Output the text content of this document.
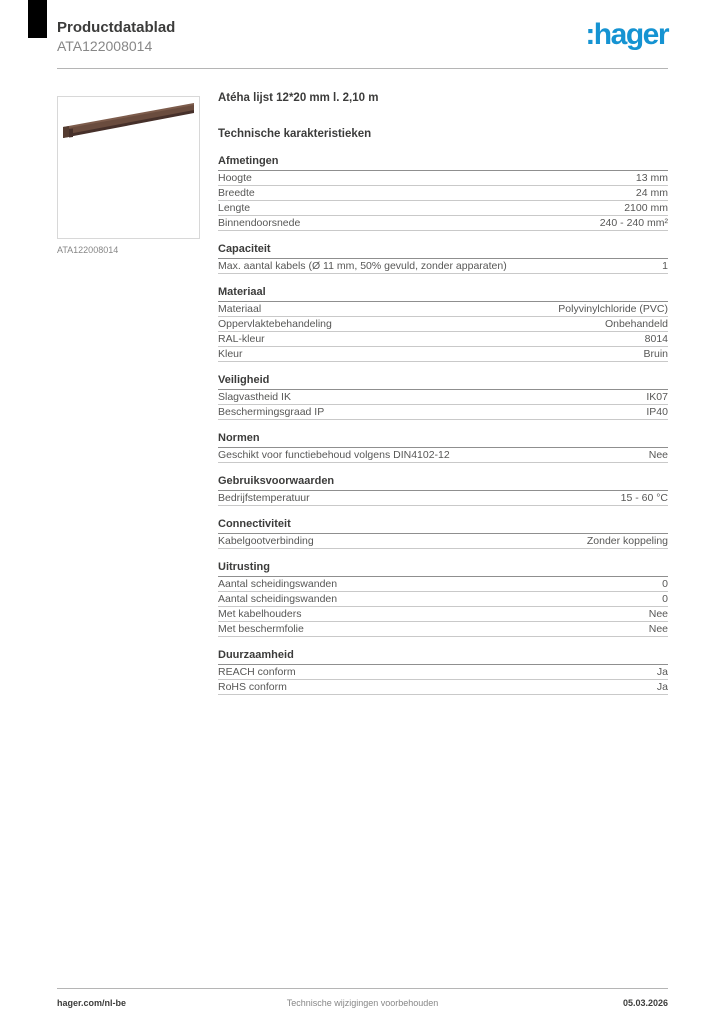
Productdatablad
ATA122008014	:hager
ATA122008014
Atéha lijst 12*20 mm l. 2,10 m
Technische karakteristieken
Afmetingen
Hoogte	13 mm
Breedte	24 mm
Lengte	2100 mm
Binnendoorsnede	240 - 240 mm²
Capaciteit
Max. aantal kabels (Ø 11 mm, 50% gevuld, zonder apparaten)	1
Materiaal
Materiaal	Polyvinylchloride (PVC)
Oppervlaktebehandeling	Onbehandeld
RAL-kleur	8014
Kleur	Bruin
Veiligheid
Slagvastheid IK	IK07
Beschermingsgraad IP	IP40
Normen
Geschikt voor functiebehoud volgens DIN4102-12	Nee
Gebruiksvoorwaarden
Bedrijfstemperatuur	15 - 60 °C
Connectiviteit
Kabelgootverbinding	Zonder koppeling
Uitrusting
Aantal scheidingswanden	0
Aantal scheidingswanden	0
Met kabelhouders	Nee
Met beschermfolie	Nee
Duurzaamheid
REACH conform	Ja
RoHS conform	Ja
hager.com/nl-be	Technische wijzigingen voorbehouden	05.03.2026
